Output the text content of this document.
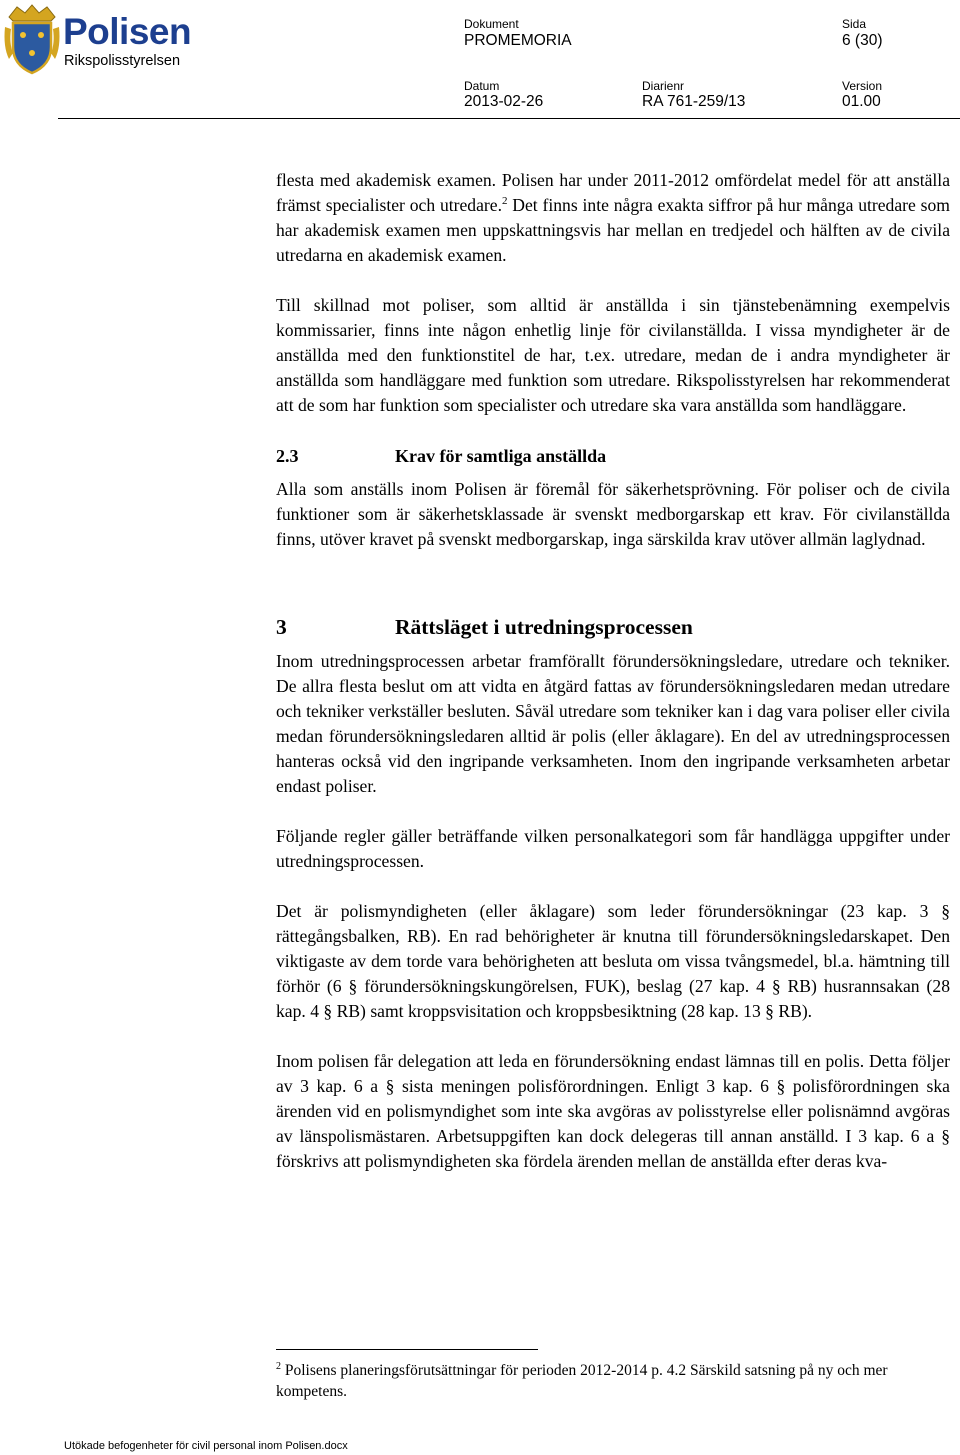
Polisen
Rikspolisstyrelsen
Dokument
PROMEMORIA
Sida
6 (30)
Datum
2013-02-26
Diarienr
RA 761-259/13
Version
01.00

flesta med akademisk examen. Polisen har under 2011-2012 omfördelat medel för att anställa främst specialister och utredare.$^2$ Det finns inte några exakta siffror på hur många utredare som har akademisk examen men uppskattningsvis har mellan en tredjedel och hälften av de civila utredarna en akademisk examen.

Till skillnad mot poliser, som alltid är anställda i sin tjänstebenämning exempelvis kommissarier, finns inte någon enhetlig linje för civilanställda. I vissa myndigheter är de anställda med den funktionstitel de har, t.ex. utredare, medan de i andra myndigheter är anställda som handläggare med funktion som utredare. Rikspolisstyrelsen har rekommenderat att de som har funktion som specialister och utredare ska vara anställda som handläggare.

2.3	Krav för samtliga anställda

Alla som anställs inom Polisen är föremål för säkerhetsprövning. För poliser och de civila funktioner som är säkerhetsklassade är svenskt medborgarskap ett krav. För civilanställda finns, utöver kravet på svenskt medborgarskap, inga särskilda krav utöver allmän laglydnad.

3	Rättsläget i utredningsprocessen

Inom utredningsprocessen arbetar framförallt förundersökningsledare, utredare och tekniker. De allra flesta beslut om att vidta en åtgärd fattas av förundersökningsledaren medan utredare och tekniker verkställer besluten. Såväl utredare som tekniker kan i dag vara poliser eller civila medan förundersökningsledaren alltid är polis (eller åklagare). En del av utredningsprocessen hanteras också vid den ingripande verksamheten. Inom den ingripande verksamheten arbetar endast poliser.

Följande regler gäller beträffande vilken personalkategori som får handlägga uppgifter under utredningsprocessen.

Det är polismyndigheten (eller åklagare) som leder förundersökningar (23 kap. 3 § rättegångsbalken, RB). En rad behörigheter är knutna till förundersökningsledarskapet. Den viktigaste av dem torde vara behörigheten att besluta om vissa tvångsmedel, bl.a. hämtning till förhör (6 § förundersökningskungörelsen, FUK), beslag (27 kap. 4 § RB) husrannsakan (28 kap. 4 § RB) samt kroppsvisitation och kroppsbesiktning (28 kap. 13 § RB).

Inom polisen får delegation att leda en förundersökning endast lämnas till en polis. Detta följer av 3 kap. 6 a § sista meningen polisförordningen. Enligt 3 kap. 6 § polisförordningen ska ärenden vid en polismyndighet som inte ska avgöras av polisstyrelse eller polisnämnd avgöras av länspolismästaren. Arbetsuppgiften kan dock delegeras till annan anställd. I 3 kap. 6 a § förskrivs att polismyndigheten ska fördela ärenden mellan de anställda efter deras kva-

$^2$ Polisens planeringsförutsättningar för perioden 2012-2014 p. 4.2 Särskild satsning på ny och mer kompetens.
Utökade befogenheter för civil personal inom Polisen.docx
